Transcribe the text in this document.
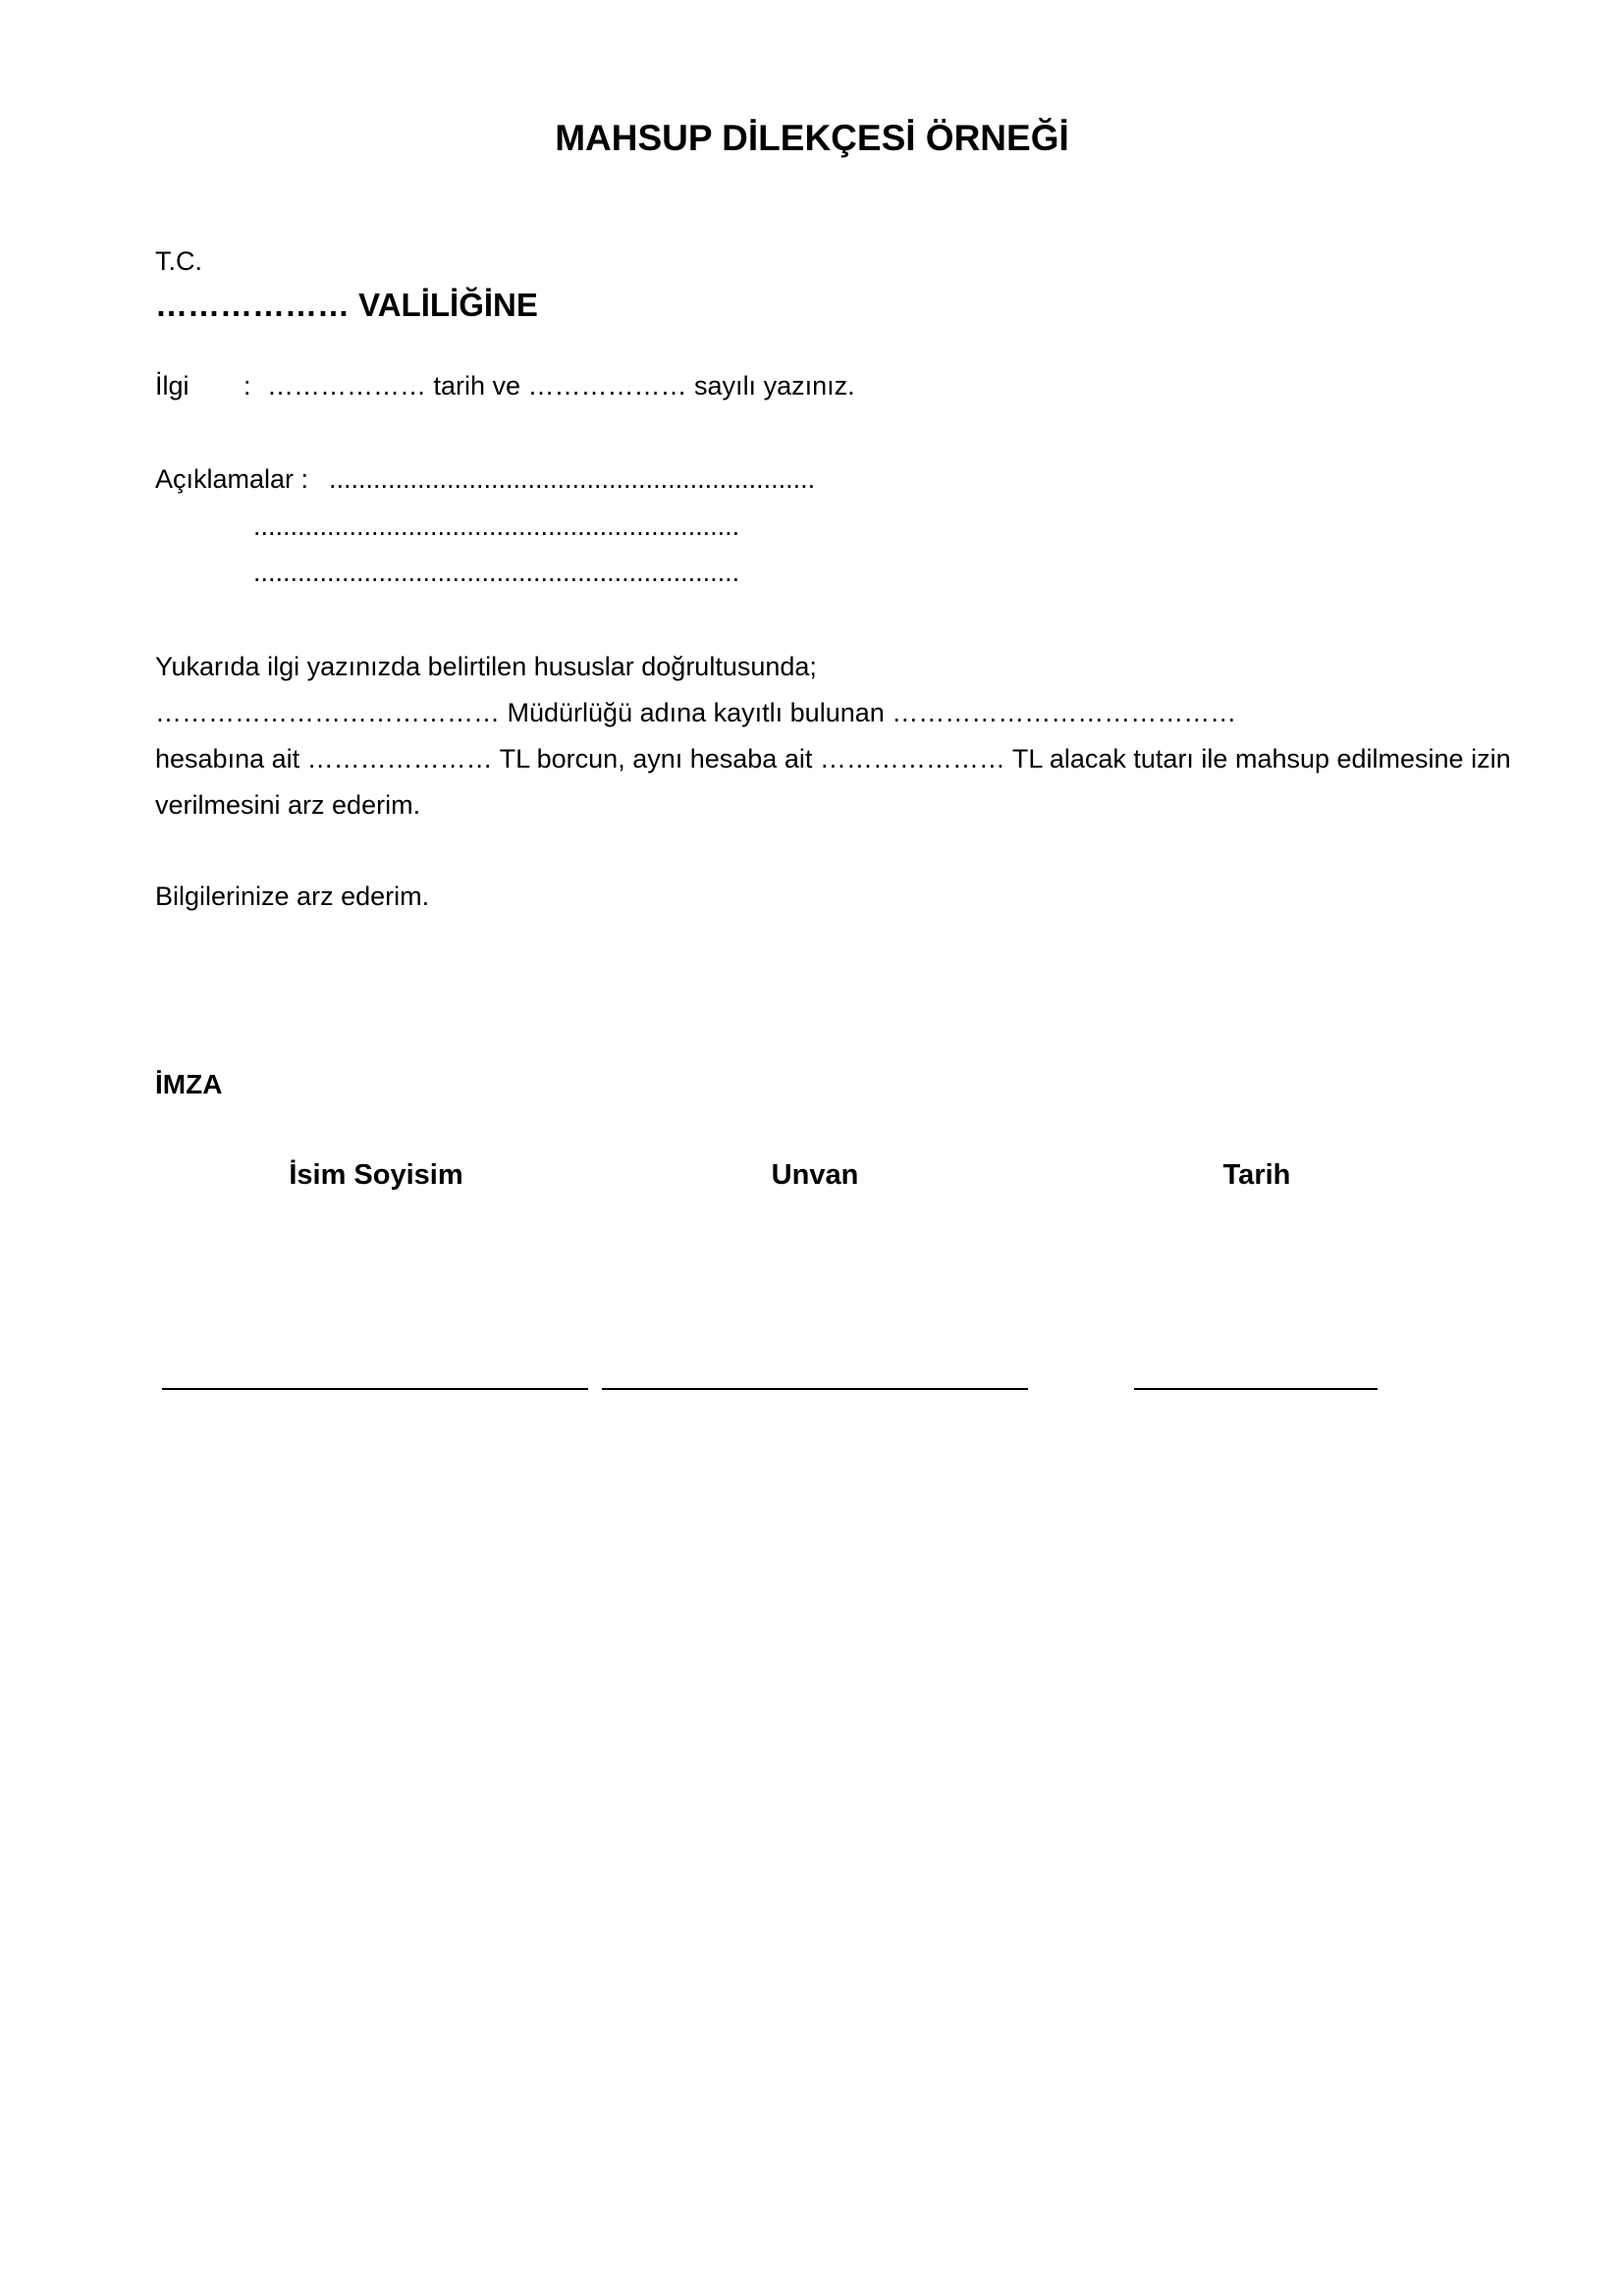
MAHSUP DİLEKÇESİ ÖRNEĞİ
T.C.
……………… VALİLİĞİNE
İlgi : ……………… tarih ve ……………… sayılı yazınız.
Açıklamalar : ..................................................................
..................................................................
..................................................................

Yukarıda ilgi yazınızda belirtilen hususlar doğrultusunda;

………………………………… Müdürlüğü adına kayıtlı bulunan …………………………………

hesabına ait ………………… TL borcun, aynı hesaba ait ………………… TL alacak tutarı ile mahsup edilmesine izin verilmesini arz ederim.

Bilgilerinize arz ederim.
İMZA
İsim Soyisim	Unvan	Tarih
